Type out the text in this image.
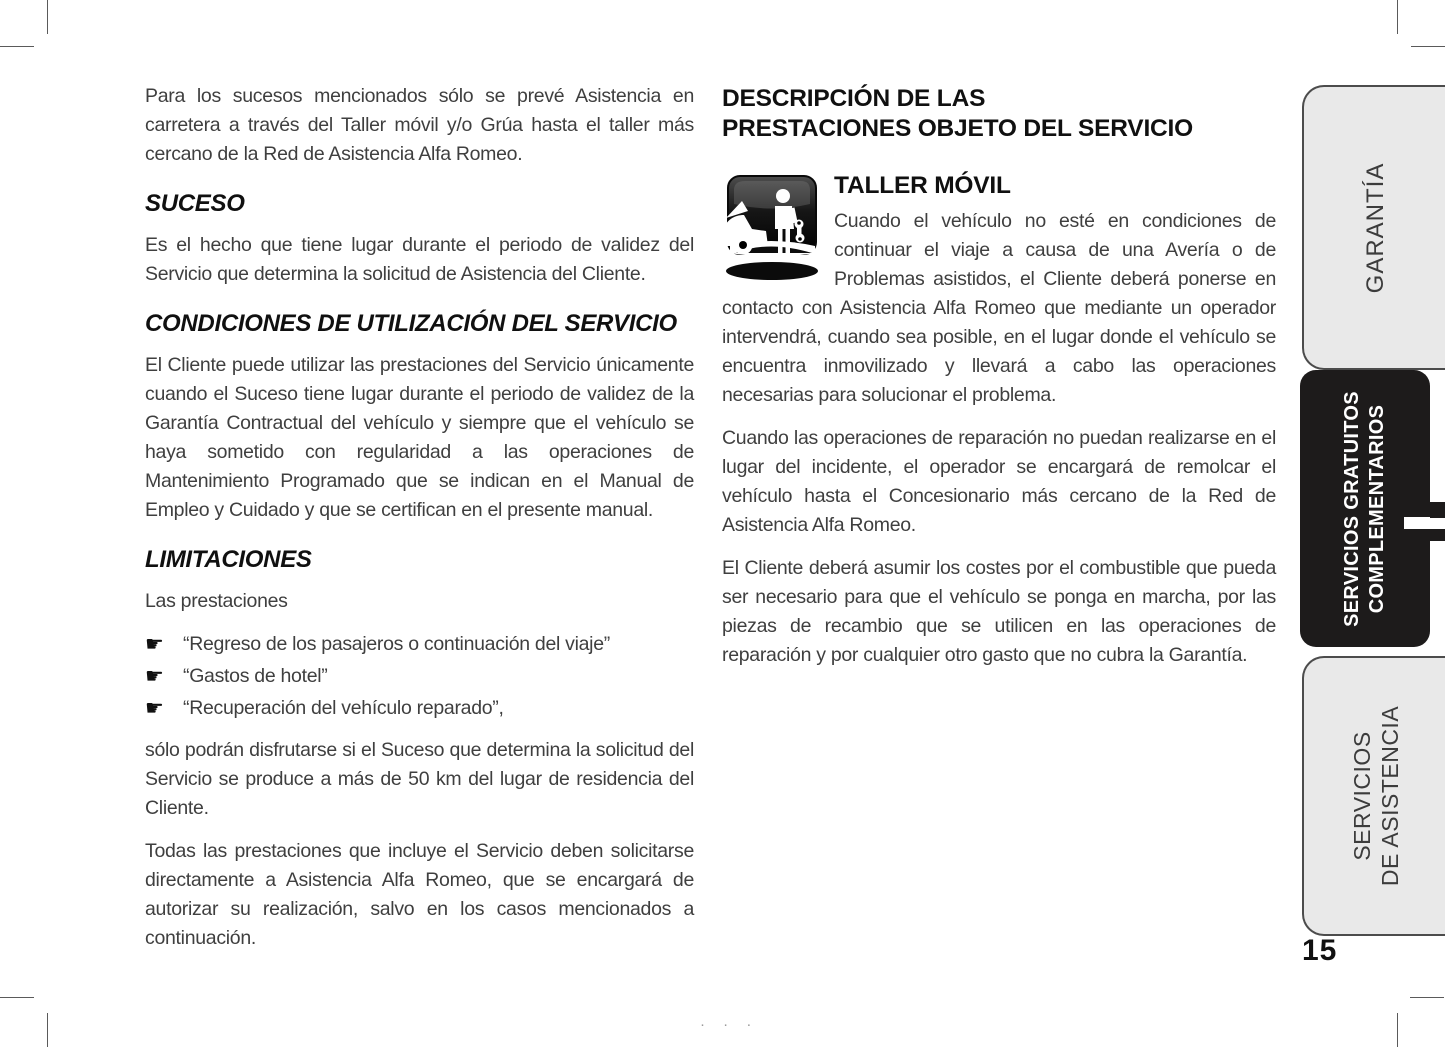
Para los sucesos mencionados sólo se prevé Asistencia en carretera a través del Taller móvil y/o Grúa hasta el taller más cercano de la Red de Asistencia Alfa Romeo.

SUCESO

Es el hecho que tiene lugar durante el periodo de validez del Servicio que determina la solicitud de Asistencia del Cliente.

CONDICIONES DE UTILIZACIÓN DEL SERVICIO

El Cliente puede utilizar las prestaciones del Servicio únicamente cuando el Suceso tiene lugar durante el periodo de validez de la Garantía Contractual del vehículo y siempre que el vehículo se haya sometido con regularidad a las operaciones de Mantenimiento Programado que se indican en el Manual de Empleo y Cuidado y que se certifican en el presente manual.

LIMITACIONES

Las prestaciones

☛ “Regreso de los pasajeros o continuación del viaje”
☛ “Gastos de hotel”
☛ “Recuperación del vehículo reparado”,

sólo podrán disfrutarse si el Suceso que determina la solicitud del Servicio se produce a más de 50 km del lugar de residencia del Cliente.

Todas las prestaciones que incluye el Servicio deben solicitarse directamente a Asistencia Alfa Romeo, que se encargará de autorizar su realización, salvo en los casos mencionados a continuación.

DESCRIPCIÓN DE LAS
PRESTACIONES OBJETO DEL SERVICIO
TALLER MÓVIL

Cuando el vehículo no esté en condiciones de continuar el viaje a causa de una Avería o de Problemas asistidos, el Cliente deberá ponerse en contacto con Asistencia Alfa Romeo que mediante un operador intervendrá, cuando sea posible, en el lugar donde el vehículo se encuentra inmovilizado y llevará a cabo las operaciones necesarias para solucionar el problema.

Cuando las operaciones de reparación no puedan realizarse en el lugar del incidente, el operador se encargará de remolcar el vehículo hasta el Concesionario más cercano de la Red de Asistencia Alfa Romeo.

El Cliente deberá asumir los costes por el combustible que pueda ser necesario para que el vehículo se ponga en marcha, por las piezas de recambio que se utilicen en las operaciones de reparación y por cualquier otro gasto que no cubra la Garantía.

GARANTÍA
SERVICIOS GRATUITOS COMPLEMENTARIOS
SERVICIOS
DE ASISTENCIA
15
· · ·
